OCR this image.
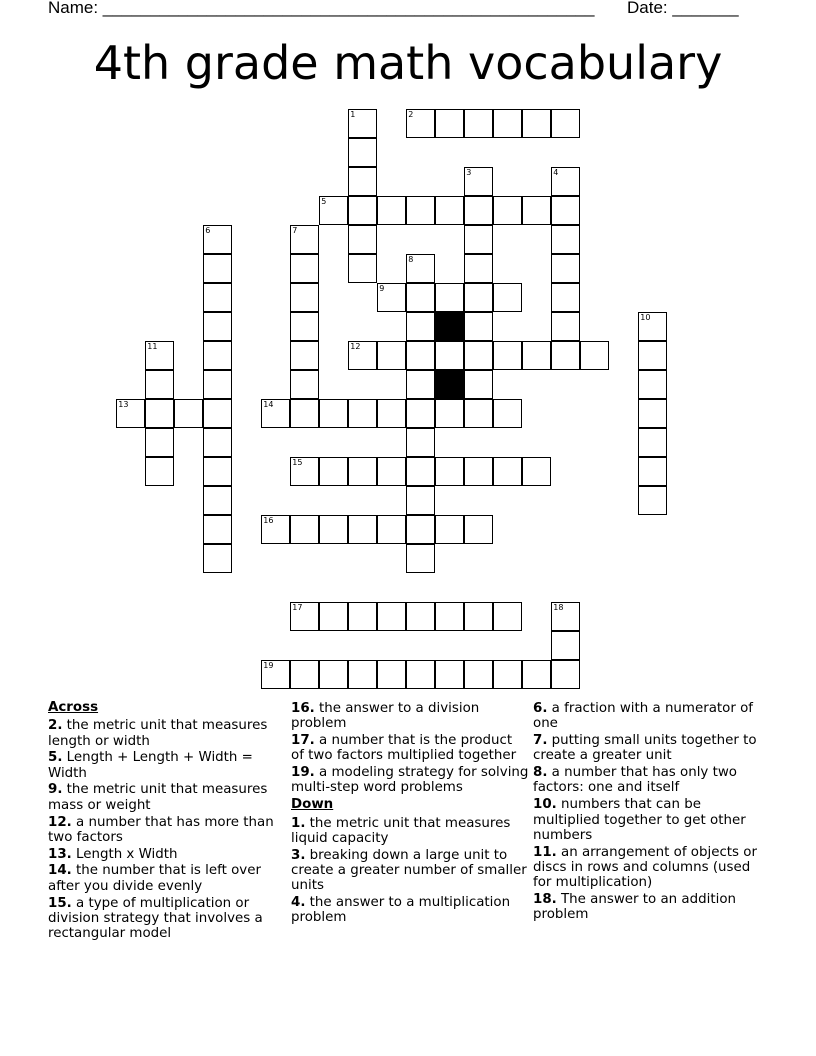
Name: ____________________________________________________ Date: _______
4th grade math vocabulary
1	2
3	4
5
6	7
8
9
10
11	12
13	14
15
16
17	18
19
Across
2. the metric unit that measures length or width
5. Length + Length + Width = Width
9. the metric unit that measures mass or weight
12. a number that has more than two factors
13. Length x Width
14. the number that is left over after you divide evenly
15. a type of multiplication or division strategy that involves a rectangular model
16. the answer to a division problem
17. a number that is the product of two factors multiplied together
19. a modeling strategy for solving multi-step word problems
Down
1. the metric unit that measures liquid capacity
3. breaking down a large unit to create a greater number of smaller units
4. the answer to a multiplication problem
6. a fraction with a numerator of one
7. putting small units together to create a greater unit
8. a number that has only two factors: one and itself
10. numbers that can be multiplied together to get other numbers
11. an arrangement of objects or discs in rows and columns (used for multiplication)
18. The answer to an addition problem
